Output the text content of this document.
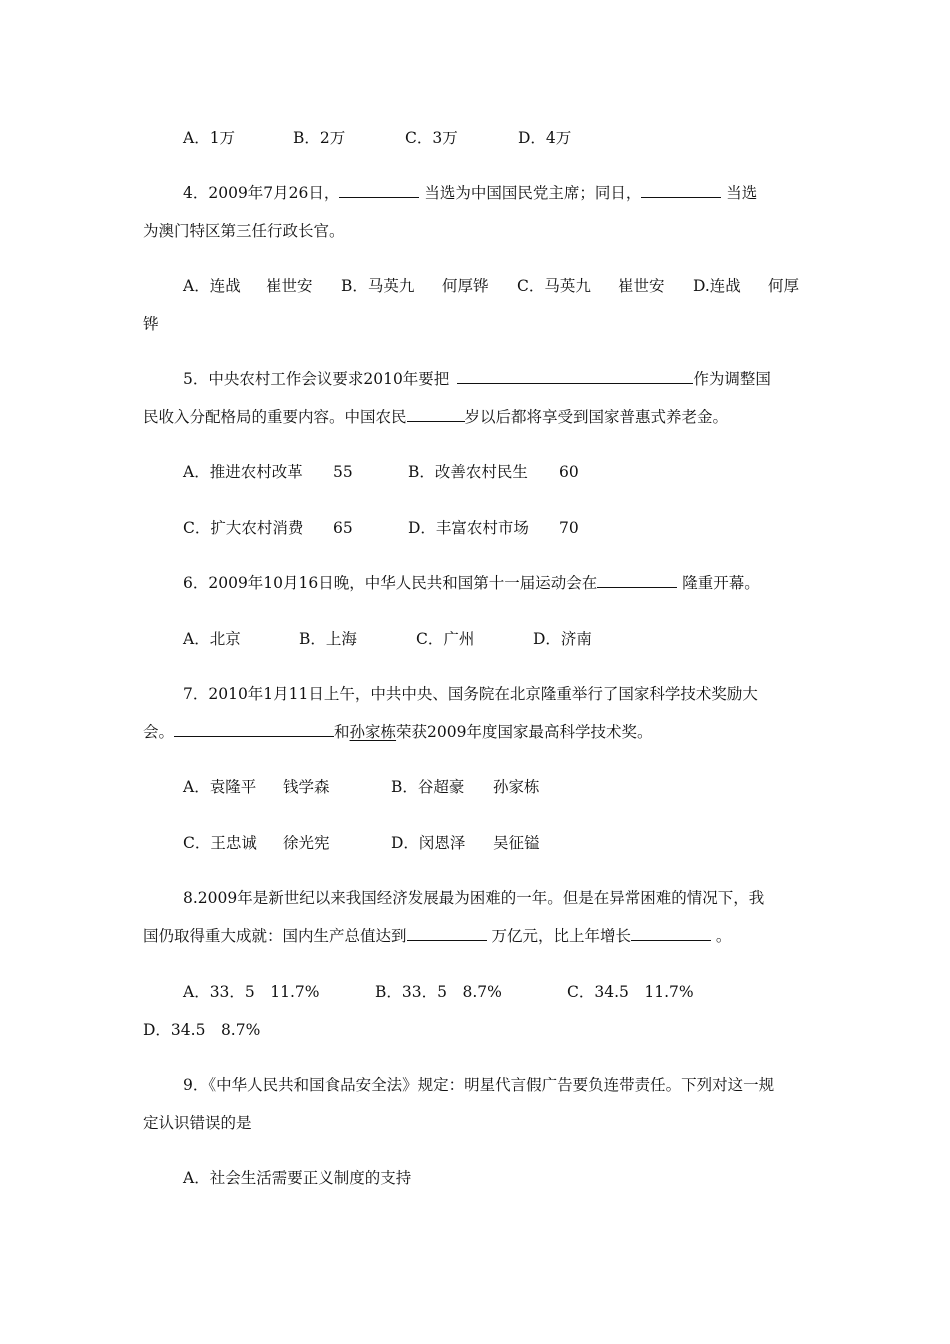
A．1万	B．2万	C．3万	D．4万
4．2009年7月26日，	当选为中国国民党主席；同日，	当选
为澳门特区第三任行政长官。
A．连战 崔世安 B．马英九 何厚铧 C．马英九 崔世安 D.连战 何厚
铧
5．中央农村工作会议要求2010年要把	作为调整国
民收入分配格局的重要内容。中国农民	岁以后都将享受到国家普惠式养老金。
A．推进农村改革 55	B．改善农村民生 60
C．扩大农村消费 65	D．丰富农村市场 70
6．2009年10月16日晚，中华人民共和国第十一届运动会在	隆重开幕。
A．北京	B．上海	C．广州	D．济南
7．2010年1月11日上午，中共中央、国务院在北京隆重举行了国家科学技术奖励大
会。	和孙家栋荣获2009年度国家最高科学技术奖。
A．袁隆平 钱学森	B．谷超豪 孙家栋
C．王忠诚 徐光宪	D．闵恩泽 吴征镒
8.2009年是新世纪以来我国经济发展最为困难的一年。但是在异常困难的情况下，我
国仍取得重大成就：国内生产总值达到	万亿元，比上年增长	。
A．33．5　11.7%	B．33．5　8.7%	C．34.5　11.7%
D．34.5　8.7%
9．《中华人民共和国食品安全法》规定：明星代言假广告要负连带责任。下列对这一规
定认识错误的是
A．社会生活需要正义制度的支持
